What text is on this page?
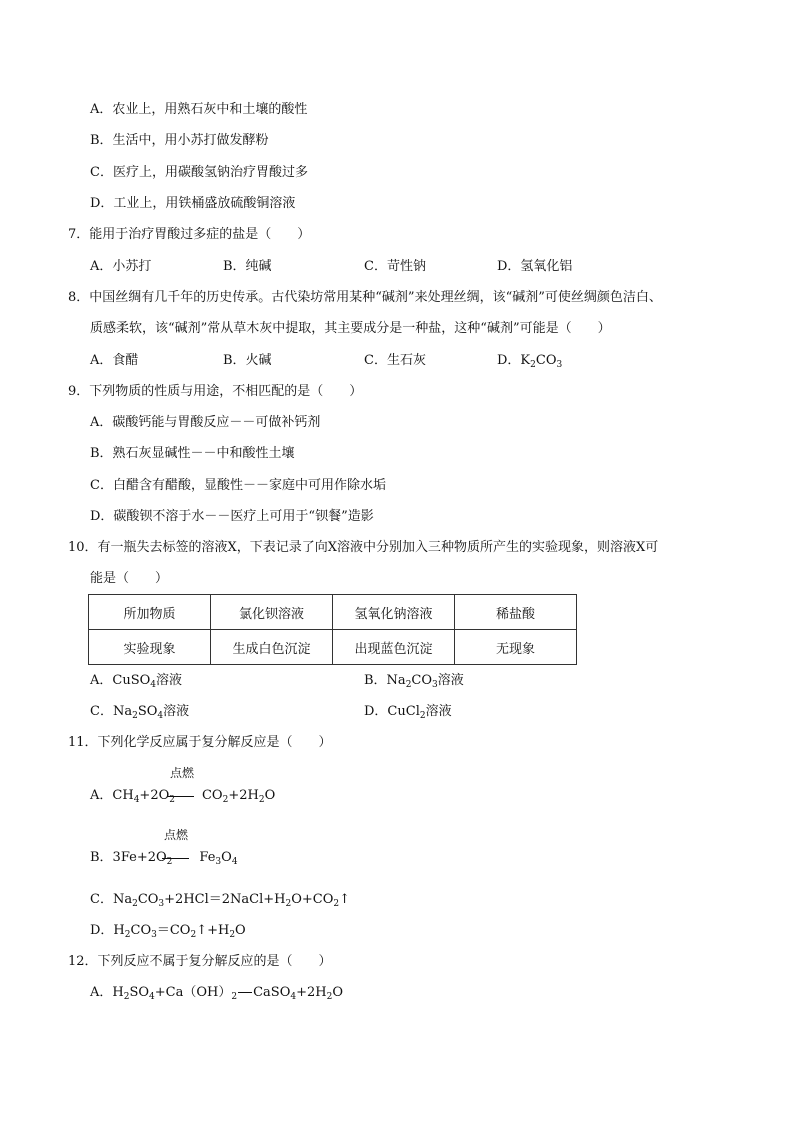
A．农业上，用熟石灰中和土壤的酸性
B．生活中，用小苏打做发酵粉
C．医疗上，用碳酸氢钠治疗胃酸过多
D．工业上，用铁桶盛放硫酸铜溶液
7．能用于治疗胃酸过多症的盐是（　　）
A．小苏打	B．纯碱	C．苛性钠	D．氢氧化铝
8．中国丝绸有几千年的历史传承。古代染坊常用某种“碱剂”来处理丝绸，该“碱剂”可使丝绸颜色洁白、
质感柔软，该“碱剂”常从草木灰中提取，其主要成分是一种盐，这种“碱剂”可能是（　　）
A．食醋	B．火碱	C．生石灰	D．$K_2CO_3$
9．下列物质的性质与用途，不相匹配的是（　　）
A．碳酸钙能与胃酸反应－－可做补钙剂
B．熟石灰显碱性－－中和酸性土壤
C．白醋含有醋酸，显酸性－－家庭中可用作除水垢
D．碳酸钡不溶于水－－医疗上可用于“钡餐”造影
10．有一瓶失去标签的溶液X，下表记录了向X溶液中分别加入三种物质所产生的实验现象，则溶液X可
能是（　　）
所加物质	氯化钡溶液	氢氧化钠溶液	稀盐酸
实验现象	生成白色沉淀	出现蓝色沉淀	无现象
A．CuSO$_4$溶液	B．$Na_2CO_3$溶液
C．$Na_2SO_4$溶液	D．CuCl$_2$溶液
11．下列化学反应属于复分解反应是（　　）
点燃
A．$CH_4+2O_2$ $CO_2+2H_2O$
点燃
B．$3Fe+2O_2$ $Fe_3O_4$
C．$Na_2CO_3+2HCl=2NaCl+H_2O+CO_2↑$
D．$H_2CO_3=CO_2↑+H_2O$
12．下列反应不属于复分解反应的是（　　）
A．$H_2SO_4+Ca(OH)_2$ $CaSO_4+2H_2O$
